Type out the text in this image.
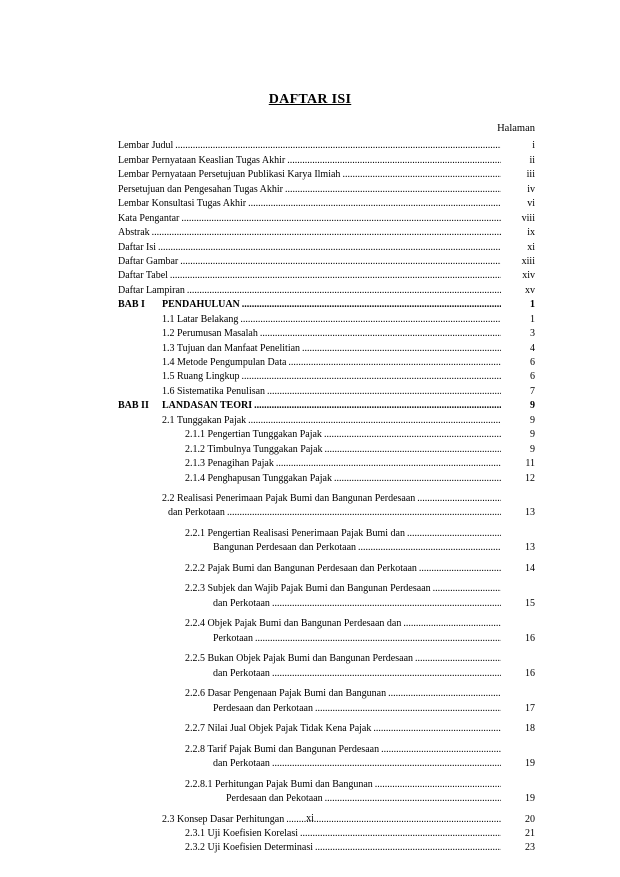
DAFTAR ISI
Halaman
Lembar Judul .....	i
Lembar Pernyataan Keaslian Tugas Akhir .....	ii
Lembar Pernyataan Persetujuan Publikasi Karya Ilmiah .....	iii
Persetujuan dan Pengesahan Tugas Akhir .....	iv
Lembar Konsultasi Tugas Akhir .....	vi
Kata Pengantar .....	viii
Abstrak .....	ix
Daftar Isi .....	xi
Daftar Gambar .....	xiii
Daftar Tabel .....	xiv
Daftar Lampiran .....	xv
BAB I PENDAHULUAN .....	1
1.1 Latar Belakang .....	1
1.2 Perumusan Masalah .....	3
1.3 Tujuan dan Manfaat Penelitian .....	4
1.4 Metode Pengumpulan Data .....	6
1.5 Ruang Lingkup .....	6
1.6 Sistematika Penulisan .....	7
BAB II LANDASAN TEORI .....	9
2.1 Tunggakan Pajak .....	9
2.1.1 Pengertian Tunggakan Pajak .....	9
2.1.2 Timbulnya Tunggakan Pajak .....	9
2.1.3 Penagihan Pajak .....	11
2.1.4 Penghapusan Tunggakan Pajak .....	12
2.2 Realisasi Penerimaan Pajak Bumi dan Bangunan Perdesaan
.....
dan Perkotaan .....	13
2.2.1 Pengertian Realisasi Penerimaan Pajak Bumi dan
.....
Bangunan Perdesaan dan Perkotaan .....	13
2.2.2 Pajak Bumi dan Bangunan Perdesaan dan Perkotaan .....	14
2.2.3 Subjek dan Wajib Pajak Bumi dan Bangunan Perdesaan
.....
dan Perkotaan .....	15
2.2.4 Objek Pajak Bumi dan Bangunan Perdesaan dan
.....
Perkotaan .....	16
2.2.5 Bukan Objek Pajak Bumi dan Bangunan Perdesaan
.....
dan Perkotaan .....	16
2.2.6 Dasar Pengenaan Pajak Bumi dan Bangunan
.....
Perdesaan dan Perkotaan .....	17
2.2.7 Nilai Jual Objek Pajak Tidak Kena Pajak .....	18
2.2.8 Tarif Pajak Bumi dan Bangunan Perdesaan
.....
dan Perkotaan .....	19
2.2.8.1 Perhitungan Pajak Bumi dan Bangunan
.....
Perdesaan dan Pekotaan .....	19
2.3 Konsep Dasar Perhitungan .....	20
2.3.1 Uji Koefisien Korelasi .....	21
2.3.2 Uji Koefisien Determinasi .....	23
xi
